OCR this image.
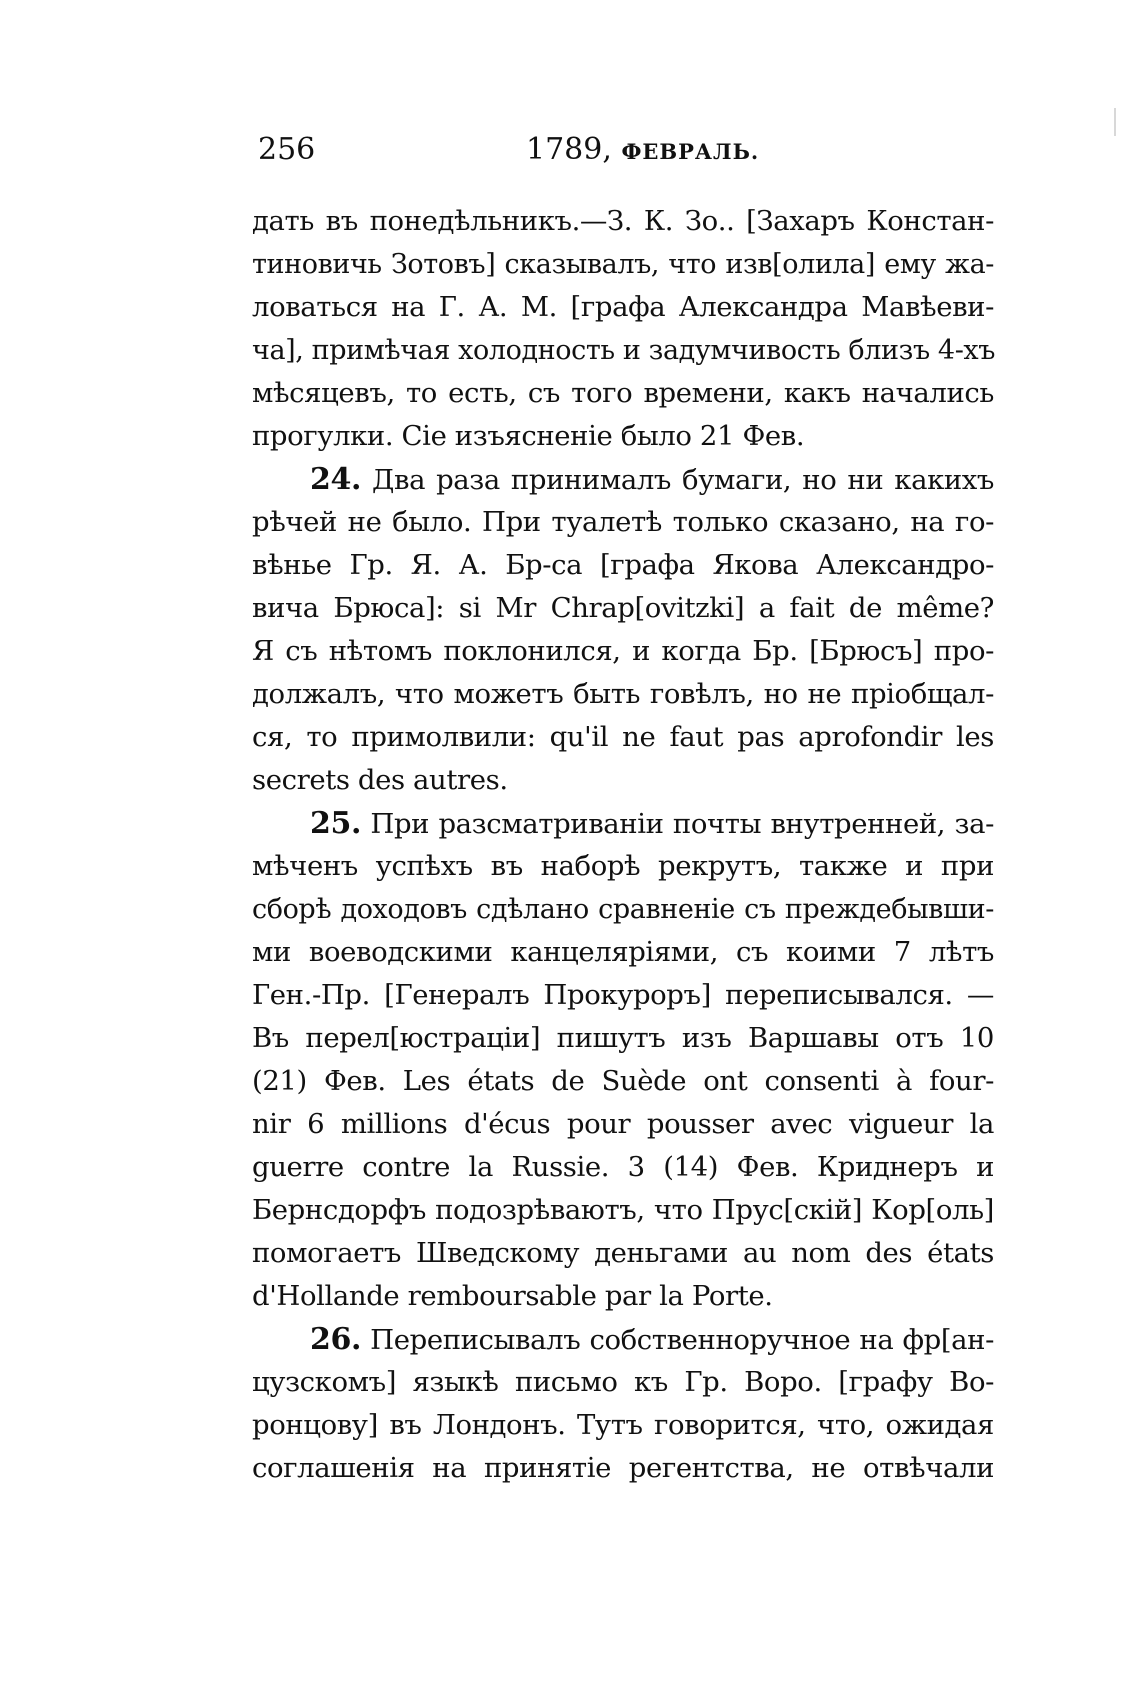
256	1789, ФЕВРАЛЬ.
дать въ понедѣльникъ.—З. К. Зо.. [Захаръ Констан-
тиновичь Зотовъ] сказывалъ, что изв[олила] ему жа-
ловаться на Г. А. М. [графа Александра Мавѣеви-
ча], примѣчая холодность и задумчивость близъ 4-хъ
мѣсяцевъ, то есть, съ того времени, какъ начались
прогулки. Сіе изъясненіе было 21 Фев.
24. Два раза принималъ бумаги, но ни какихъ
рѣчей не было. При туалетѣ только сказано, на го-
вѣнье Гр. Я. А. Бр-са [графа Якова Александро-
вича Брюса]: si Mr Chrap[ovitzki] a fait de même?
Я съ нѣтомъ поклонился, и когда Бр. [Брюсъ] про-
должалъ, что можетъ быть говѣлъ, но не пріобщал-
ся, то примолвили: qu'il ne faut pas aprofondir les
secrets des autres.
25. При разсматриваніи почты внутренней, за-
мѣченъ успѣхъ въ наборѣ рекрутъ, также и при
сборѣ доходовъ сдѣлано сравненіе съ преждебывши-
ми воеводскими канцеляріями, съ коими 7 лѣтъ
Ген.-Пр. [Генералъ Прокуроръ] переписывался. —
Въ перел[юстраціи] пишутъ изъ Варшавы отъ 10
(21) Фев. Les états de Suède ont consenti à four-
nir 6 millions d'écus pour pousser avec vigueur la
guerre contre la Russie. 3 (14) Фев. Криднеръ и
Бернсдорфъ подозрѣваютъ, что Прус[скій] Кор[оль]
помогаетъ Шведскому деньгами au nom des états
d'Hollande remboursable par la Porte.
26. Переписывалъ собственноручное на фр[ан-
цузскомъ] языкѣ письмо къ Гр. Воро. [графу Во-
ронцову] въ Лондонъ. Тутъ говорится, что, ожидая
соглашенія на принятіе регентства, не отвѣчали
